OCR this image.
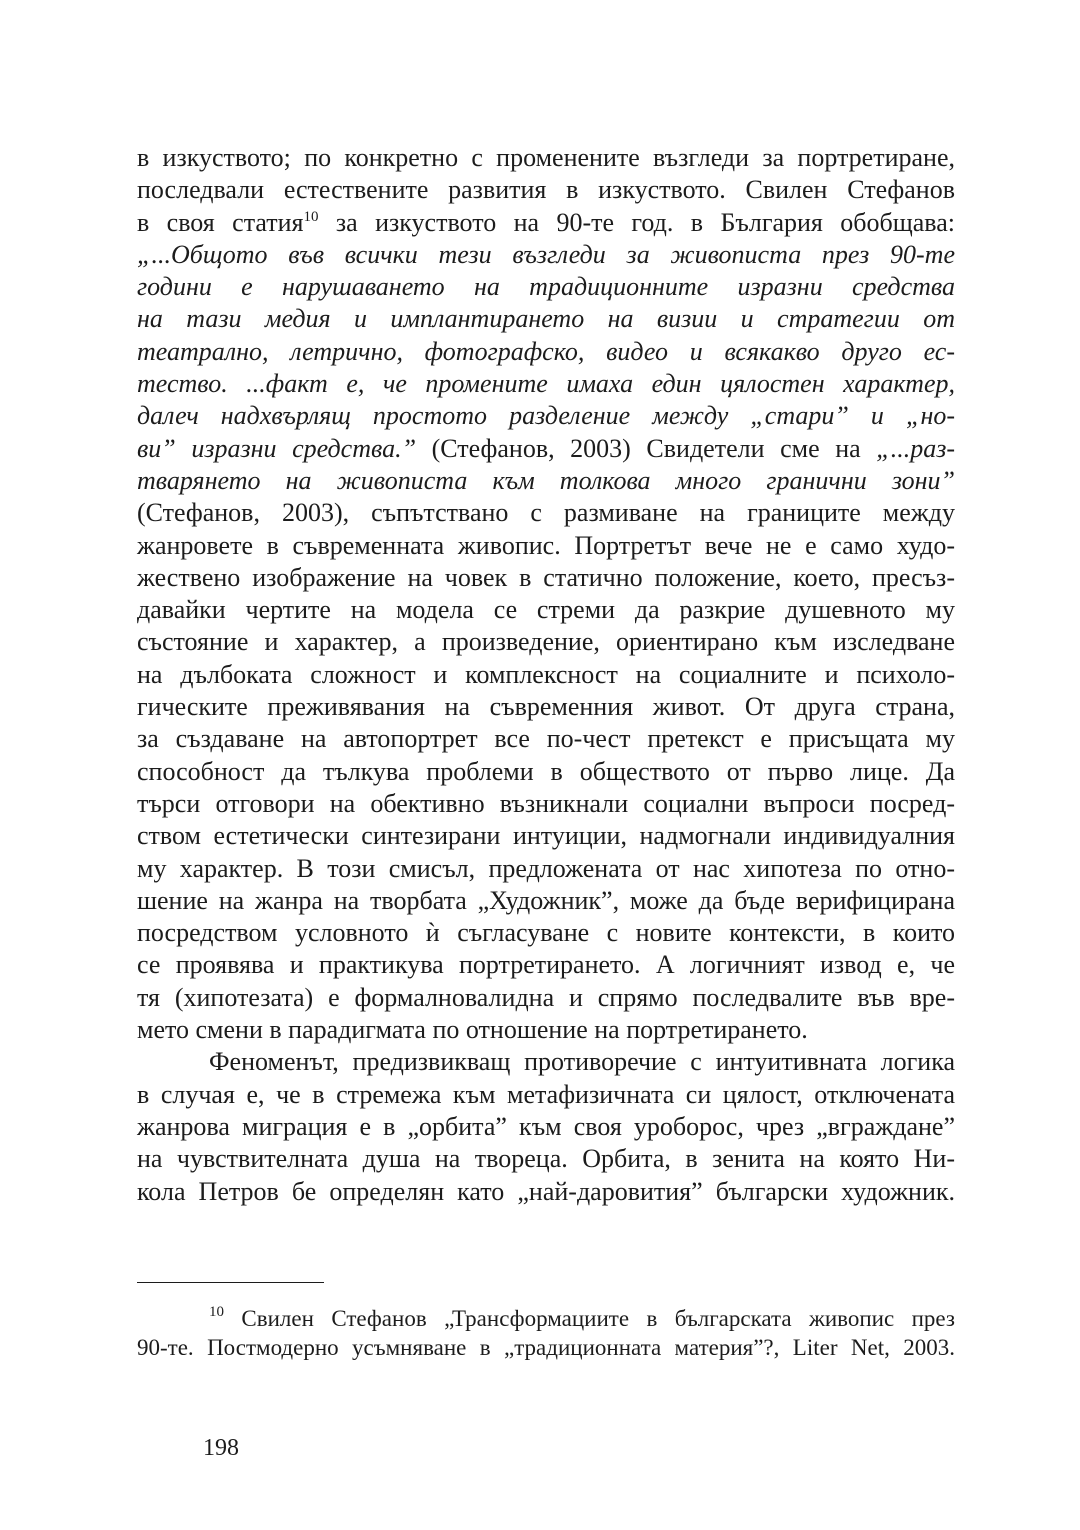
в изкуството; по конкретно с променените възгледи за портретиране,
последвали естествените развития в изкуството. Свилен Стефанов
в своя статия$^{10}$ за изкуството на 90-те год. в България обобщава:
„...Общото във всички тези възгледи за живописта през 90-те
години е нарушаването на традиционните изразни средства
на тази медия и имплантирането на визии и стратегии от
театрално, летрично, фотографско, видео и всякакво друго ес-
тество. ...факт е, че промените имаха един цялостен характер,
далеч надхвърлящ простото разделение между „стари” и „но-
ви” изразни средства.” (Стефанов, 2003) Свидетели сме на „...раз-
тварянето на живописта към толкова много гранични зони”
(Стефанов, 2003), съпътствано с размиване на границите между
жанровете в съвременната живопис. Портретът вече не е само худо-
жествено изображение на човек в статично положение, което, пресъз-
давайки чертите на модела се стреми да разкрие душевното му
състояние и характер, а произведение, ориентирано към изследване
на дълбоката сложност и комплексност на социалните и психоло-
гическите преживявания на съвременния живот. От друга страна,
за създаване на автопортрет все по-чест претекст е присъщата му
способност да тълкува проблеми в обществото от първо лице. Да
търси отговори на обективно възникнали социални въпроси посред-
ством естетически синтезирани интуиции, надмогнали индивидуалния
му характер. В този смисъл, предложената от нас хипотеза по отно-
шение на жанра на творбата „Художник”, може да бъде верифицирана
посредством условното ѝ съгласуване с новите контексти, в които
се проявява и практикува портретирането. А логичният извод е, че
тя (хипотезата) е формалновалидна и спрямо последвалите във вре-
мето смени в парадигмата по отношение на портретирането.
Феноменът, предизвикващ противоречие с интуитивната логика
в случая е, че в стремежа към метафизичната си цялост, отключената
жанрова миграция е в „орбита” към своя уроборос, чрез „вграждане”
на чувствителната душа на твореца. Орбита, в зенита на която Ни-
кола Петров бе определян като „най-даровития” български художник.
$^{10}$ Свилен Стефанов „Трансформациите в българската живопис през
90-те. Постмодерно усъмняване в „традиционната материя”?, Liter Net, 2003.
198
